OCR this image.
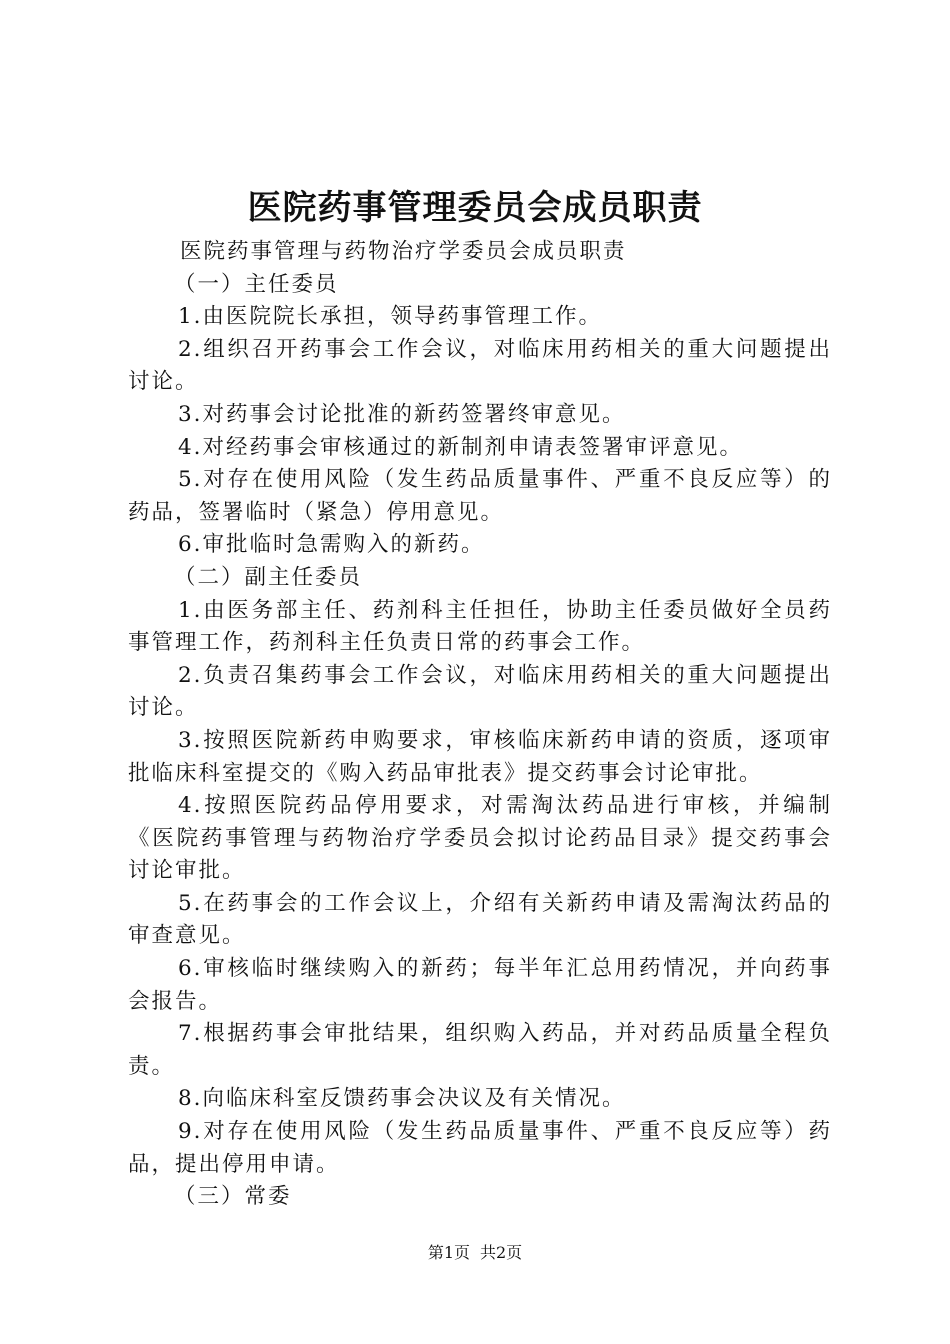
医院药事管理委员会成员职责

医院药事管理与药物治疗学委员会成员职责

（一）主任委员

1.由医院院长承担，领导药事管理工作。

2.组织召开药事会工作会议，对临床用药相关的重大问题提出讨论。

3.对药事会讨论批准的新药签署终审意见。

4.对经药事会审核通过的新制剂申请表签署审评意见。

5.对存在使用风险（发生药品质量事件、严重不良反应等）的药品，签署临时（紧急）停用意见。

6.审批临时急需购入的新药。

（二）副主任委员

1.由医务部主任、药剂科主任担任，协助主任委员做好全员药事管理工作，药剂科主任负责日常的药事会工作。

2.负责召集药事会工作会议，对临床用药相关的重大问题提出讨论。

3.按照医院新药申购要求，审核临床新药申请的资质，逐项审批临床科室提交的《购入药品审批表》提交药事会讨论审批。

4.按照医院药品停用要求，对需淘汰药品进行审核，并编制《医院药事管理与药物治疗学委员会拟讨论药品目录》提交药事会讨论审批。

5.在药事会的工作会议上，介绍有关新药申请及需淘汰药品的审查意见。

6.审核临时继续购入的新药；每半年汇总用药情况，并向药事会报告。

7.根据药事会审批结果，组织购入药品，并对药品质量全程负责。

8.向临床科室反馈药事会决议及有关情况。

9.对存在使用风险（发生药品质量事件、严重不良反应等）药品，提出停用申请。

（三）常委

第1页 共2页
